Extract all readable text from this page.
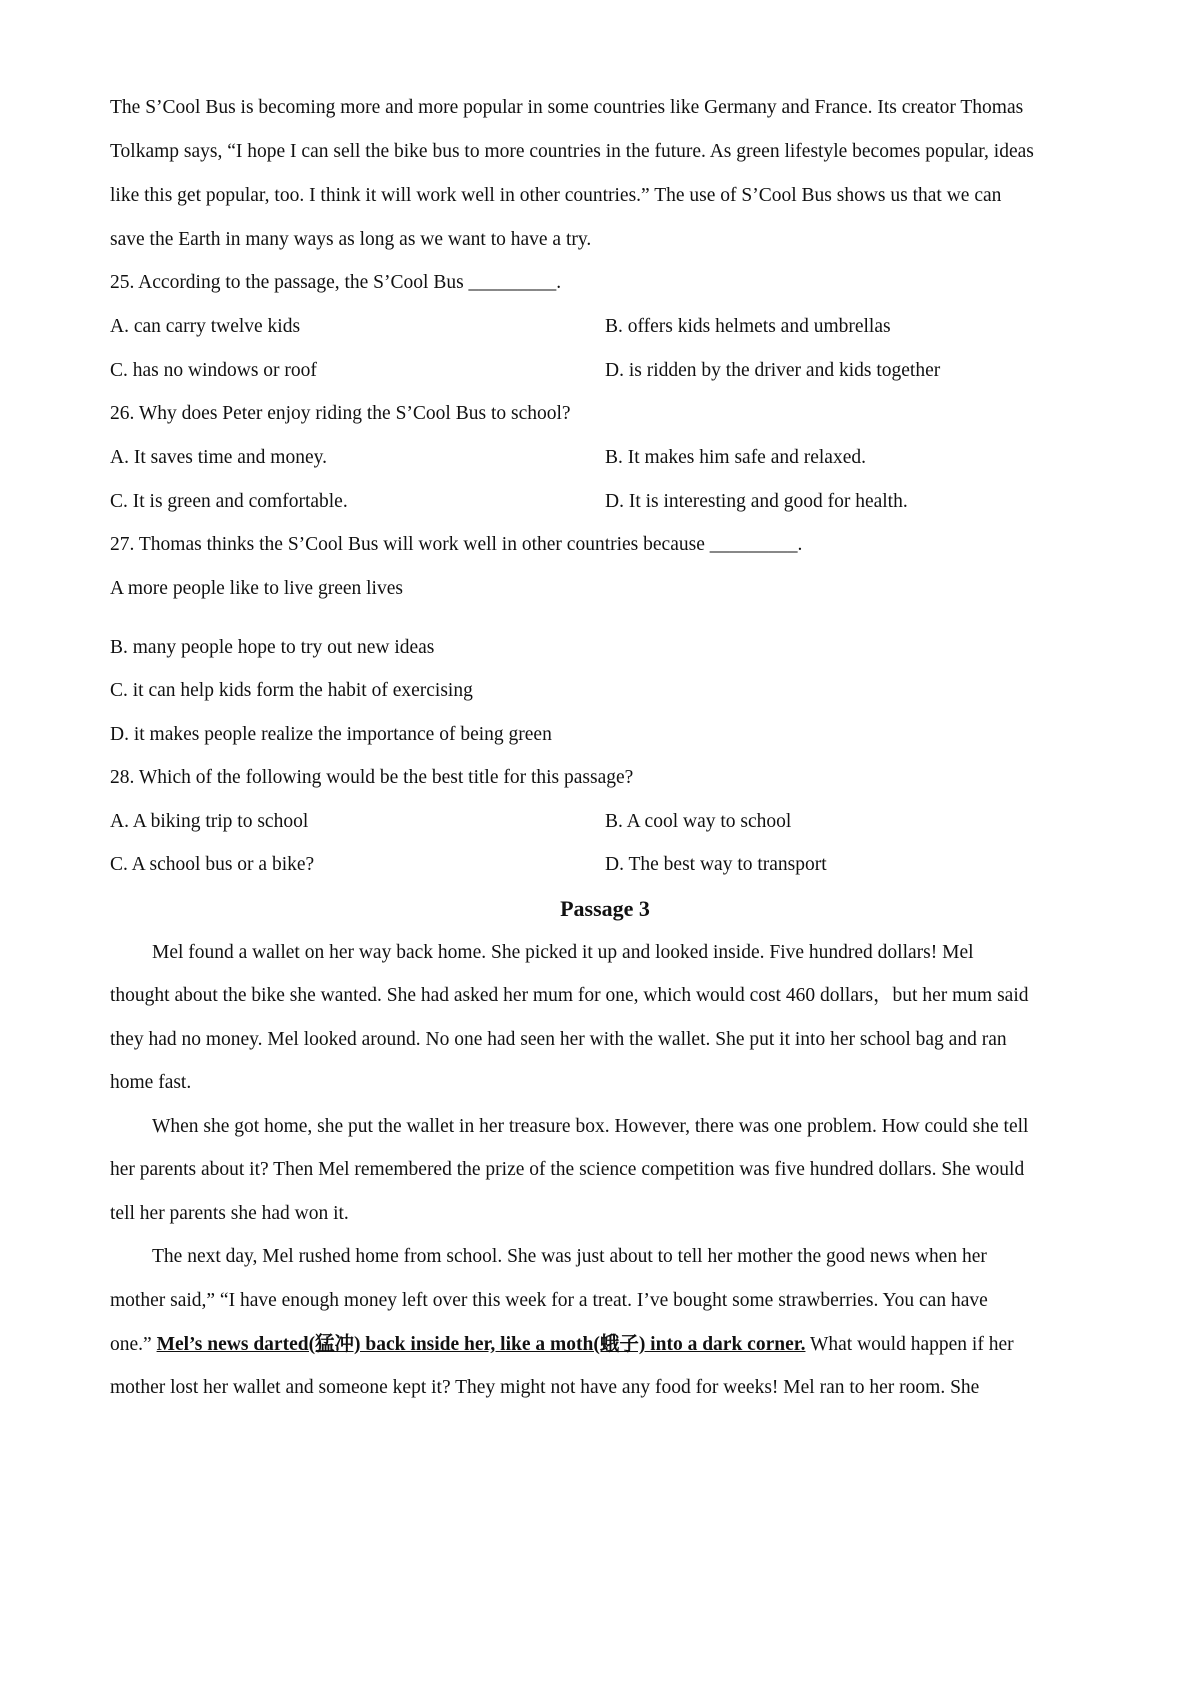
The S’Cool Bus is becoming more and more popular in some countries like Germany and France. Its creator Thomas
Tolkamp says, “I hope I can sell the bike bus to more countries in the future. As green lifestyle becomes popular, ideas
like this get popular, too. I think it will work well in other countries.” The use of S’Cool Bus shows us that we can
save the Earth in many ways as long as we want to have a try.
25. According to the passage, the S’Cool Bus _________.
A. can carry twelve kids	B. offers kids helmets and umbrellas
C. has no windows or roof	D. is ridden by the driver and kids together
26. Why does Peter enjoy riding the S’Cool Bus to school?
A. It saves time and money.	B. It makes him safe and relaxed.
C. It is green and comfortable.	D. It is interesting and good for health.
27. Thomas thinks the S’Cool Bus will work well in other countries because _________.
A more people like to live green lives
B. many people hope to try out new ideas
C. it can help kids form the habit of exercising
D. it makes people realize the importance of being green
28. Which of the following would be the best title for this passage?
A. A biking trip to school	B. A cool way to school
C. A school bus or a bike?	D. The best way to transport
Passage 3
Mel found a wallet on her way back home. She picked it up and looked inside. Five hundred dollars! Mel
thought about the bike she wanted. She had asked her mum for one, which would cost 460 dollars，but her mum said
they had no money. Mel looked around. No one had seen her with the wallet. She put it into her school bag and ran
home fast.
When she got home, she put the wallet in her treasure box. However, there was one problem. How could she tell
her parents about it? Then Mel remembered the prize of the science competition was five hundred dollars. She would
tell her parents she had won it.
The next day, Mel rushed home from school. She was just about to tell her mother the good news when her
mother said,” “I have enough money left over this week for a treat. I’ve bought some strawberries. You can have
one.” Mel’s news darted(猛冲) back inside her, like a moth(蛾子) into a dark corner. What would happen if her
mother lost her wallet and someone kept it? They might not have any food for weeks! Mel ran to her room. She
